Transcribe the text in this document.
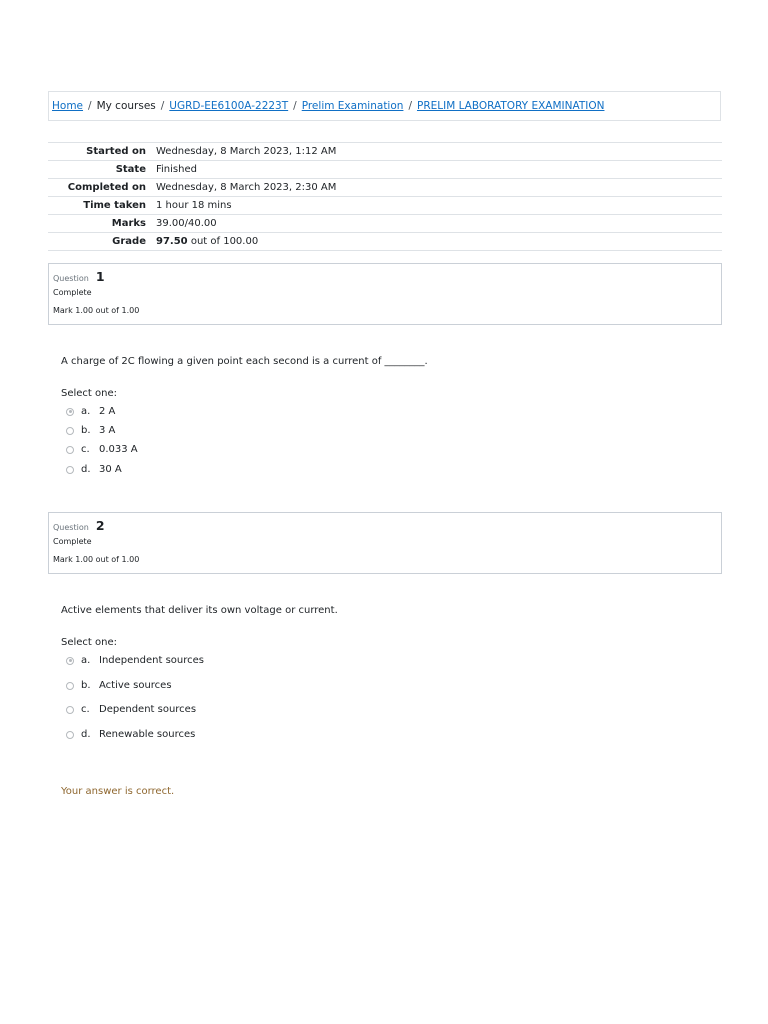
Home / My courses / UGRD-EE6100A-2223T / Prelim Examination / PRELIM LABORATORY EXAMINATION
Started on	Wednesday, 8 March 2023, 1:12 AM
State	Finished
Completed on	Wednesday, 8 March 2023, 2:30 AM
Time taken	1 hour 18 mins
Marks	39.00/40.00
Grade	97.50 out of 100.00
Question 1
Complete
Mark 1.00 out of 1.00
A charge of 2C flowing a given point each second is a current of ________.
Select one:
a. 2 A
b. 3 A
c. 0.033 A
d. 30 A
Question 2
Complete
Mark 1.00 out of 1.00
Active elements that deliver its own voltage or current.
Select one:
a. Independent sources
b. Active sources
c. Dependent sources
d. Renewable sources
Your answer is correct.
